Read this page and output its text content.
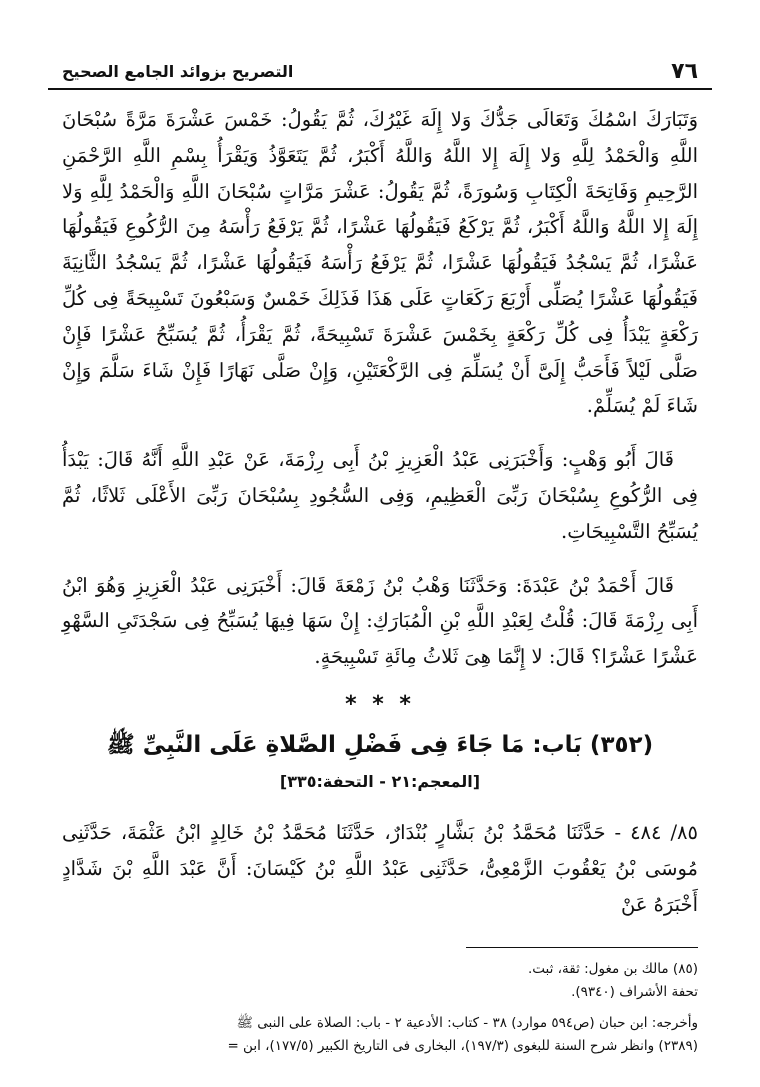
٧٦
التصريح بزوائد الجامع الصحيح

وَتَبَارَكَ اسْمُكَ وَتَعَالَى جَدُّكَ وَلا إِلَهَ غَيْرُكَ، ثُمَّ يَقُولُ: خَمْسَ عَشْرَةَ مَرَّةً سُبْحَانَ اللَّهِ وَالْحَمْدُ لِلَّهِ وَلا إِلَهَ إِلا اللَّهُ وَاللَّهُ أَكْبَرُ، ثُمَّ يَتَعَوَّذُ وَيَقْرَأُ بِسْمِ اللَّهِ الرَّحْمَنِ الرَّحِيمِ وَفَاتِحَةَ الْكِتَابِ وَسُورَةً، ثُمَّ يَقُولُ: عَشْرَ مَرَّاتٍ سُبْحَانَ اللَّهِ وَالْحَمْدُ لِلَّهِ وَلا إِلَهَ إِلا اللَّهُ وَاللَّهُ أَكْبَرُ، ثُمَّ يَرْكَعُ فَيَقُولُهَا عَشْرًا، ثُمَّ يَرْفَعُ رَأْسَهُ مِنَ الرُّكُوعِ فَيَقُولُهَا عَشْرًا، ثُمَّ يَسْجُدُ فَيَقُولُهَا عَشْرًا، ثُمَّ يَرْفَعُ رَأْسَهُ فَيَقُولُهَا عَشْرًا، ثُمَّ يَسْجُدُ الثَّانِيَةَ فَيَقُولُهَا عَشْرًا يُصَلِّى أَرْبَعَ رَكَعَاتٍ عَلَى هَذَا فَذَلِكَ خَمْسٌ وَسَبْعُونَ تَسْبِيحَةً فِى كُلِّ رَكْعَةٍ يَبْدَأُ فِى كُلِّ رَكْعَةٍ بِخَمْسَ عَشْرَةَ تَسْبِيحَةً، ثُمَّ يَقْرَأُ، ثُمَّ يُسَبِّحُ عَشْرًا فَإِنْ صَلَّى لَيْلاً فَأَحَبُّ إِلَىَّ أَنْ يُسَلِّمَ فِى الرَّكْعَتَيْنِ، وَإِنْ صَلَّى نَهَارًا فَإِنْ شَاءَ سَلَّمَ وَإِنْ شَاءَ لَمْ يُسَلِّمْ.

قَالَ أَبُو وَهْبٍ: وَأَخْبَرَنِى عَبْدُ الْعَزِيزِ بْنُ أَبِى رِزْمَةَ، عَنْ عَبْدِ اللَّهِ أَنَّهُ قَالَ: يَبْدَأُ فِى الرُّكُوعِ بِسُبْحَانَ رَبِّىَ الْعَظِيمِ، وَفِى السُّجُودِ بِسُبْحَانَ رَبِّىَ الأَعْلَى ثَلاثًا، ثُمَّ يُسَبِّحُ التَّسْبِيحَاتِ.

قَالَ أَحْمَدُ بْنُ عَبْدَةَ: وَحَدَّثَنَا وَهْبُ بْنُ زَمْعَةَ قَالَ: أَخْبَرَنِى عَبْدُ الْعَزِيزِ وَهُوَ ابْنُ أَبِى رِزْمَةَ قَالَ: قُلْتُ لِعَبْدِ اللَّهِ بْنِ الْمُبَارَكِ: إِنْ سَهَا فِيهَا يُسَبِّحُ فِى سَجْدَتَىِ السَّهْوِ عَشْرًا عَشْرًا؟ قَالَ: لا إِنَّمَا هِىَ ثَلاثُ مِائَةِ تَسْبِيحَةٍ.

* * *
(٣٥٢) بَاب: مَا جَاءَ فِى فَضْلِ الصَّلاةِ عَلَى النَّبِىِّ ﷺ
[المعجم:٢١ - التحفة:٣٣٥]
٨٥/ ٤٨٤ - حَدَّثَنَا مُحَمَّدُ بْنُ بَشَّارٍ بُنْدَارٌ، حَدَّثَنَا مُحَمَّدُ بْنُ خَالِدٍ ابْنُ عَثْمَةَ، حَدَّثَنِى مُوسَى بْنُ يَعْقُوبَ الزَّمْعِىُّ، حَدَّثَنِى عَبْدُ اللَّهِ بْنُ كَيْسَانَ: أَنَّ عَبْدَ اللَّهِ بْنَ شَدَّادٍ أَخْبَرَهُ عَنْ

(٨٥) مالك بن مغول: ثقة، ثبت.

تحفة الأشراف (٩٣٤٠).

وأخرجه: ابن حبان (ص٥٩٤ موارد) ٣٨ - كتاب: الأدعية ٢ - باب: الصلاة على النبى ﷺ

(٢٣٨٩) وانظر شرح السنة للبغوى (١٩٧/٣)، البخارى فى التاريخ الكبير (١٧٧/٥)، ابن =
